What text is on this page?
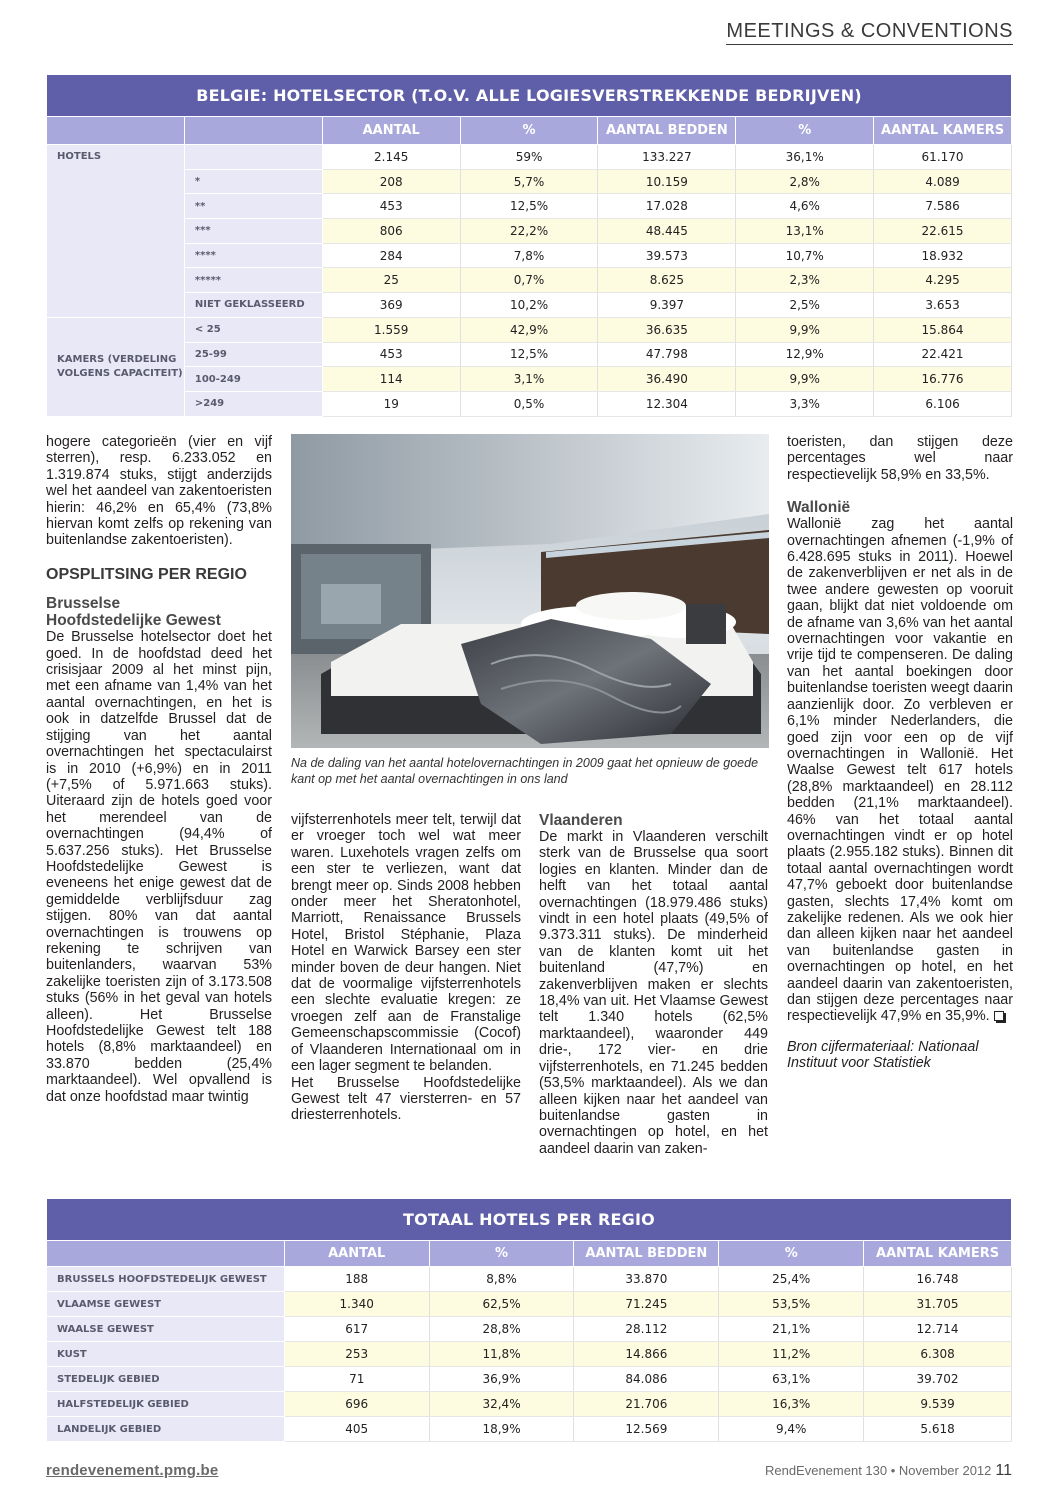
MEETINGS & CONVENTIONS
BELGIE: HOTELSECTOR (T.O.V. ALLE LOGIESVERSTREKKENDE BEDRIJVEN)						
		AANTAL	%	AANTAL BEDDEN	%	AANTAL KAMERS
HOTELS		2.145	59%	133.227	36,1%	61.170
	*	208	5,7%	10.159	2,8%	4.089
	**	453	12,5%	17.028	4,6%	7.586
	***	806	22,2%	48.445	13,1%	22.615
	****	284	7,8%	39.573	10,7%	18.932
	*****	25	0,7%	8.625	2,3%	4.295
	NIET GEKLASSEERD	369	10,2%	9.397	2,5%	3.653
KAMERS (VERDELING VOLGENS CAPACITEIT)	< 25	1.559	42,9%	36.635	9,9%	15.864
	25-99	453	12,5%	47.798	12,9%	22.421
	100-249	114	3,1%	36.490	9,9%	16.776
	>249	19	0,5%	12.304	3,3%	6.106

hogere categorieën (vier en vijf sterren), resp. 6.233.052 en 1.319.874 stuks, stijgt anderzijds wel het aandeel van zakentoeristen hierin: 46,2% en 65,4% (73,8% hiervan komt zelfs op rekening van buitenlandse zakentoeristen).

OPSPLITSING PER REGIO
Brusselse Hoofdstedelijke Gewest

De Brusselse hotelsector doet het goed. In de hoofdstad deed het crisisjaar 2009 al het minst pijn, met een afname van 1,4% van het aantal overnachtingen, en het is ook in datzelfde Brussel dat de stijging van het aantal overnachtingen het spectaculairst is in 2010 (+6,9%) en in 2011 (+7,5% of 5.971.663 stuks). Uiteraard zijn de hotels goed voor het merendeel van de overnachtingen (94,4% of 5.637.256 stuks). Het Brusselse Hoofdstedelijke Gewest is eveneens het enige gewest dat de gemiddelde verblijfsduur zag stijgen. 80% van dat aantal overnachtingen is trouwens op rekening te schrijven van buitenlanders, waarvan 53% zakelijke toeristen zijn of 3.173.508 stuks (56% in het geval van hotels alleen). Het Brusselse Hoofdstedelijke Gewest telt 188 hotels (8,8% marktaandeel) en 33.870 bedden (25,4% marktaandeel). Wel opvallend is dat onze hoofdstad maar twintig

Na de daling van het aantal hotelovernachtingen in 2009 gaat het opnieuw de goede kant op met het aantal overnachtingen in ons land

vijfsterrenhotels meer telt, terwijl dat er vroeger toch wel wat meer waren. Luxehotels vragen zelfs om een ster te verliezen, want dat brengt meer op. Sinds 2008 hebben onder meer het Sheratonhotel, Marriott, Renaissance Brussels Hotel, Bristol Stéphanie, Plaza Hotel en Warwick Barsey een ster minder boven de deur hangen. Niet dat de voormalige vijfsterrenhotels een slechte evaluatie kregen: ze vroegen zelf aan de Franstalige Gemeenschapscommissie (Cocof) of Vlaanderen Internationaal om in een lager segment te belanden.

Het Brusselse Hoofdstedelijke Gewest telt 47 viersterren- en 57 driesterrenhotels.

Vlaanderen

De markt in Vlaanderen verschilt sterk van de Brusselse qua soort logies en klanten. Minder dan de helft van het totaal aantal overnachtingen (18.979.486 stuks) vindt in een hotel plaats (49,5% of 9.373.311 stuks). De minderheid van de klanten komt uit het buitenland (47,7%) en zakenverblijven maken er slechts 18,4% van uit. Het Vlaamse Gewest telt 1.340 hotels (62,5% marktaandeel), waaronder 449 drie-, 172 vier- en drie vijfsterrenhotels, en 71.245 bedden (53,5% marktaandeel). Als we dan alleen kijken naar het aandeel van buitenlandse gasten in overnachtingen op hotel, en het aandeel daarin van zaken-

toeristen, dan stijgen deze percentages wel naar respectievelijk 58,9% en 33,5%.

Wallonië

Wallonië zag het aantal overnachtingen afnemen (-1,9% of 6.428.695 stuks in 2011). Hoewel de zakenverblijven er net als in de twee andere gewesten op vooruit gaan, blijkt dat niet voldoende om de afname van 3,6% van het aantal overnachtingen voor vakantie en vrije tijd te compenseren. De daling van het aantal boekingen door buitenlandse toeristen weegt daarin aanzienlijk door. Zo verbleven er 6,1% minder Nederlanders, die goed zijn voor een op de vijf overnachtingen in Wallonië. Het Waalse Gewest telt 617 hotels (28,8% marktaandeel) en 28.112 bedden (21,1% marktaandeel). 46% van het totaal aantal overnachtingen vindt er op hotel plaats (2.955.182 stuks). Binnen dit totaal aantal overnachtingen wordt 47,7% geboekt door buitenlandse gasten, slechts 17,4% komt om zakelijke redenen. Als we ook hier dan alleen kijken naar het aandeel van buitenlandse gasten in overnachtingen op hotel, en het aandeel daarin van zakentoeristen, dan stijgen deze percentages naar respectievelijk 47,9% en 35,9%.

Bron cijfermateriaal: Nationaal Instituut voor Statistiek

TOTAAL HOTELS PER REGIO					
	AANTAL	%	AANTAL BEDDEN	%	AANTAL KAMERS
BRUSSELS HOOFDSTEDELIJK GEWEST	188	8,8%	33.870	25,4%	16.748
VLAAMSE GEWEST	1.340	62,5%	71.245	53,5%	31.705
WAALSE GEWEST	617	28,8%	28.112	21,1%	12.714
KUST	253	11,8%	14.866	11,2%	6.308
STEDELIJK GEBIED	71	36,9%	84.086	63,1%	39.702
HALFSTEDELIJK GEBIED	696	32,4%	21.706	16,3%	9.539
LANDELIJK GEBIED	405	18,9%	12.569	9,4%	5.618
rendevenement.pmg.be	RendEvenement 130 • November 2012 11
